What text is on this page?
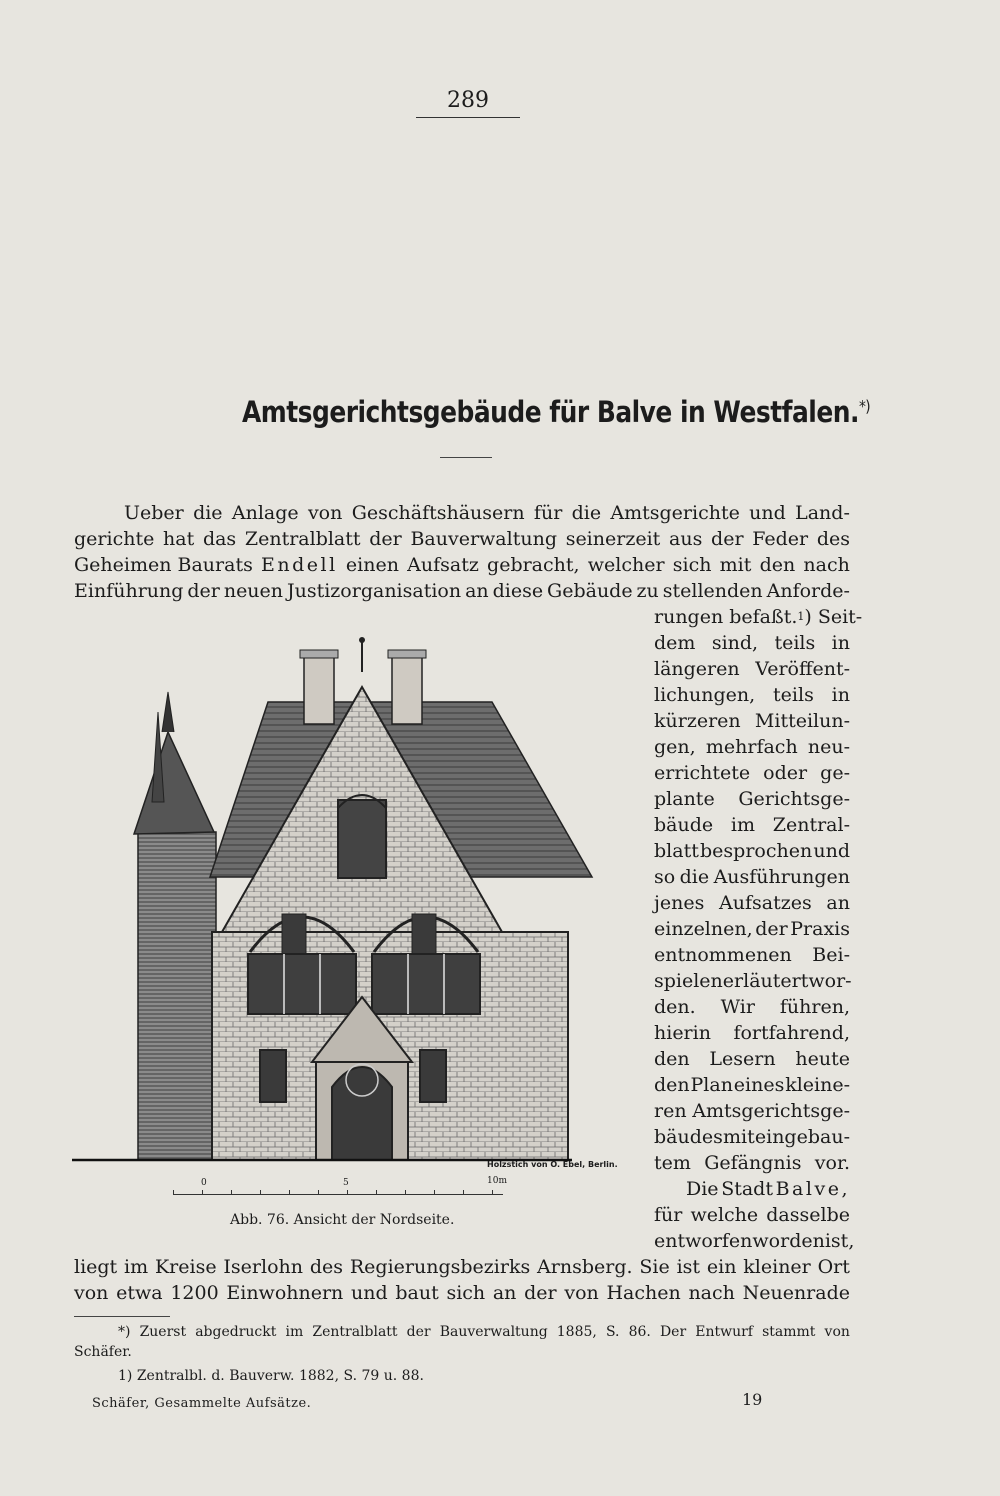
289
Amtsgerichtsgebäude für Balve in Westfalen.*)
Ueber die Anlage von Geschäftshäusern für die Amtsgerichte und Land-
gerichte hat das Zentralblatt der Bauverwaltung seinerzeit aus der Feder des
Geheimen Baurats Endell einen Aufsatz gebracht, welcher sich mit den nach
Einführung der neuen Justizorganisation an diese Gebäude zu stellenden Anforde-
rungen befaßt. 1 ) Seit-
dem sind, teils in
längeren Veröffent-
lichungen, teils in
kürzeren Mitteilun-
gen, mehrfach neu-
errichtete oder ge-
plante Gerichtsge-
bäude im Zentral-
blatt besprochen und
so die Ausführungen
jenes Aufsatzes an
einzelnen, der Praxis
entnommenen Bei-
spielen erläutert wor-
den. Wir führen,
hierin fortfahrend,
den Lesern heute
den Plan eines kleine-
ren Amtsgerichtsge-
bäudes mit eingebau-
tem Gefängnis vor.
Die Stadt Balve,
für welche dasselbe
entworfen worden ist,
liegt im Kreise Iserlohn des Regierungsbezirks Arnsberg. Sie ist ein kleiner Ort
von etwa 1200 Einwohnern und baut sich an der von Hachen nach Neuenrade
Holzstich von O. Ebel, Berlin.
0	5	10m
Abb. 76. Ansicht der Nordseite.
*) Zuerst abgedruckt im Zentralblatt der Bauverwaltung 1885, S. 86. Der Entwurf stammt von
Schäfer.
1) Zentralbl. d. Bauverw. 1882, S. 79 u. 88.
Schäfer, Gesammelte Aufsätze.	19
